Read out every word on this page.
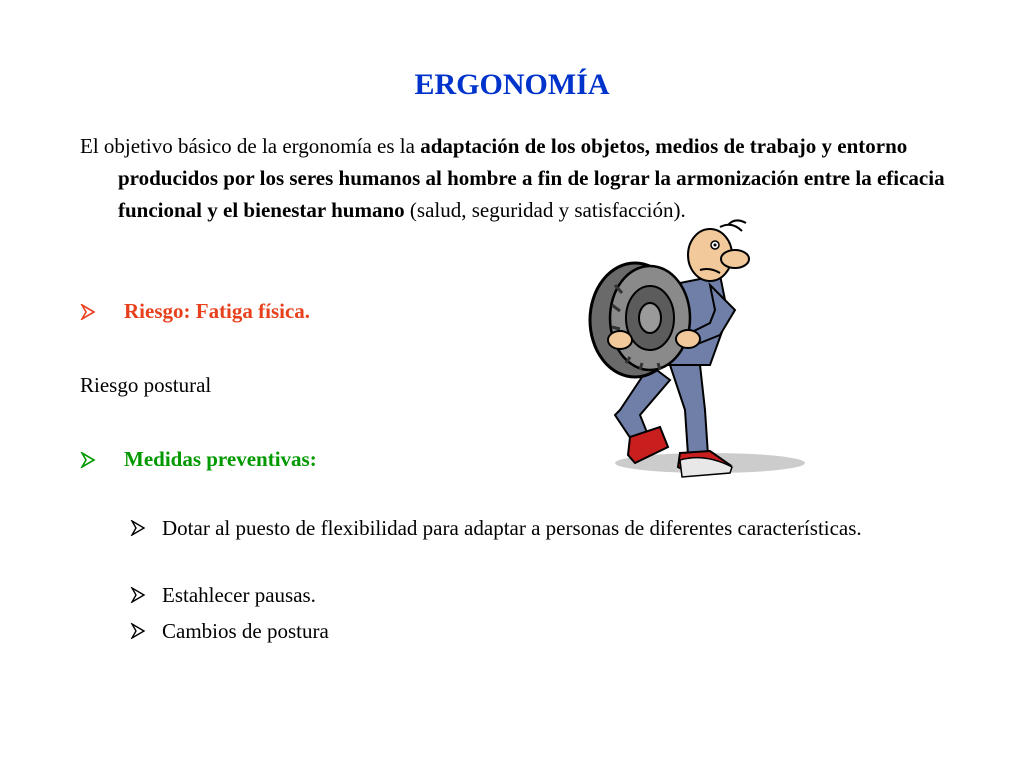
ERGONOMÍA
El objetivo básico de la ergonomía es la adaptación de los objetos, medios de trabajo y entorno producidos por los seres humanos al hombre a fin de lograr la armonización entre la eficacia funcional y el bienestar humano (salud, seguridad y satisfacción).
Riesgo: Fatiga física.
Riesgo postural
Medidas preventivas:
Dotar al puesto de flexibilidad para adaptar a personas de diferentes características.
Estahlecer pausas.
Cambios de postura
